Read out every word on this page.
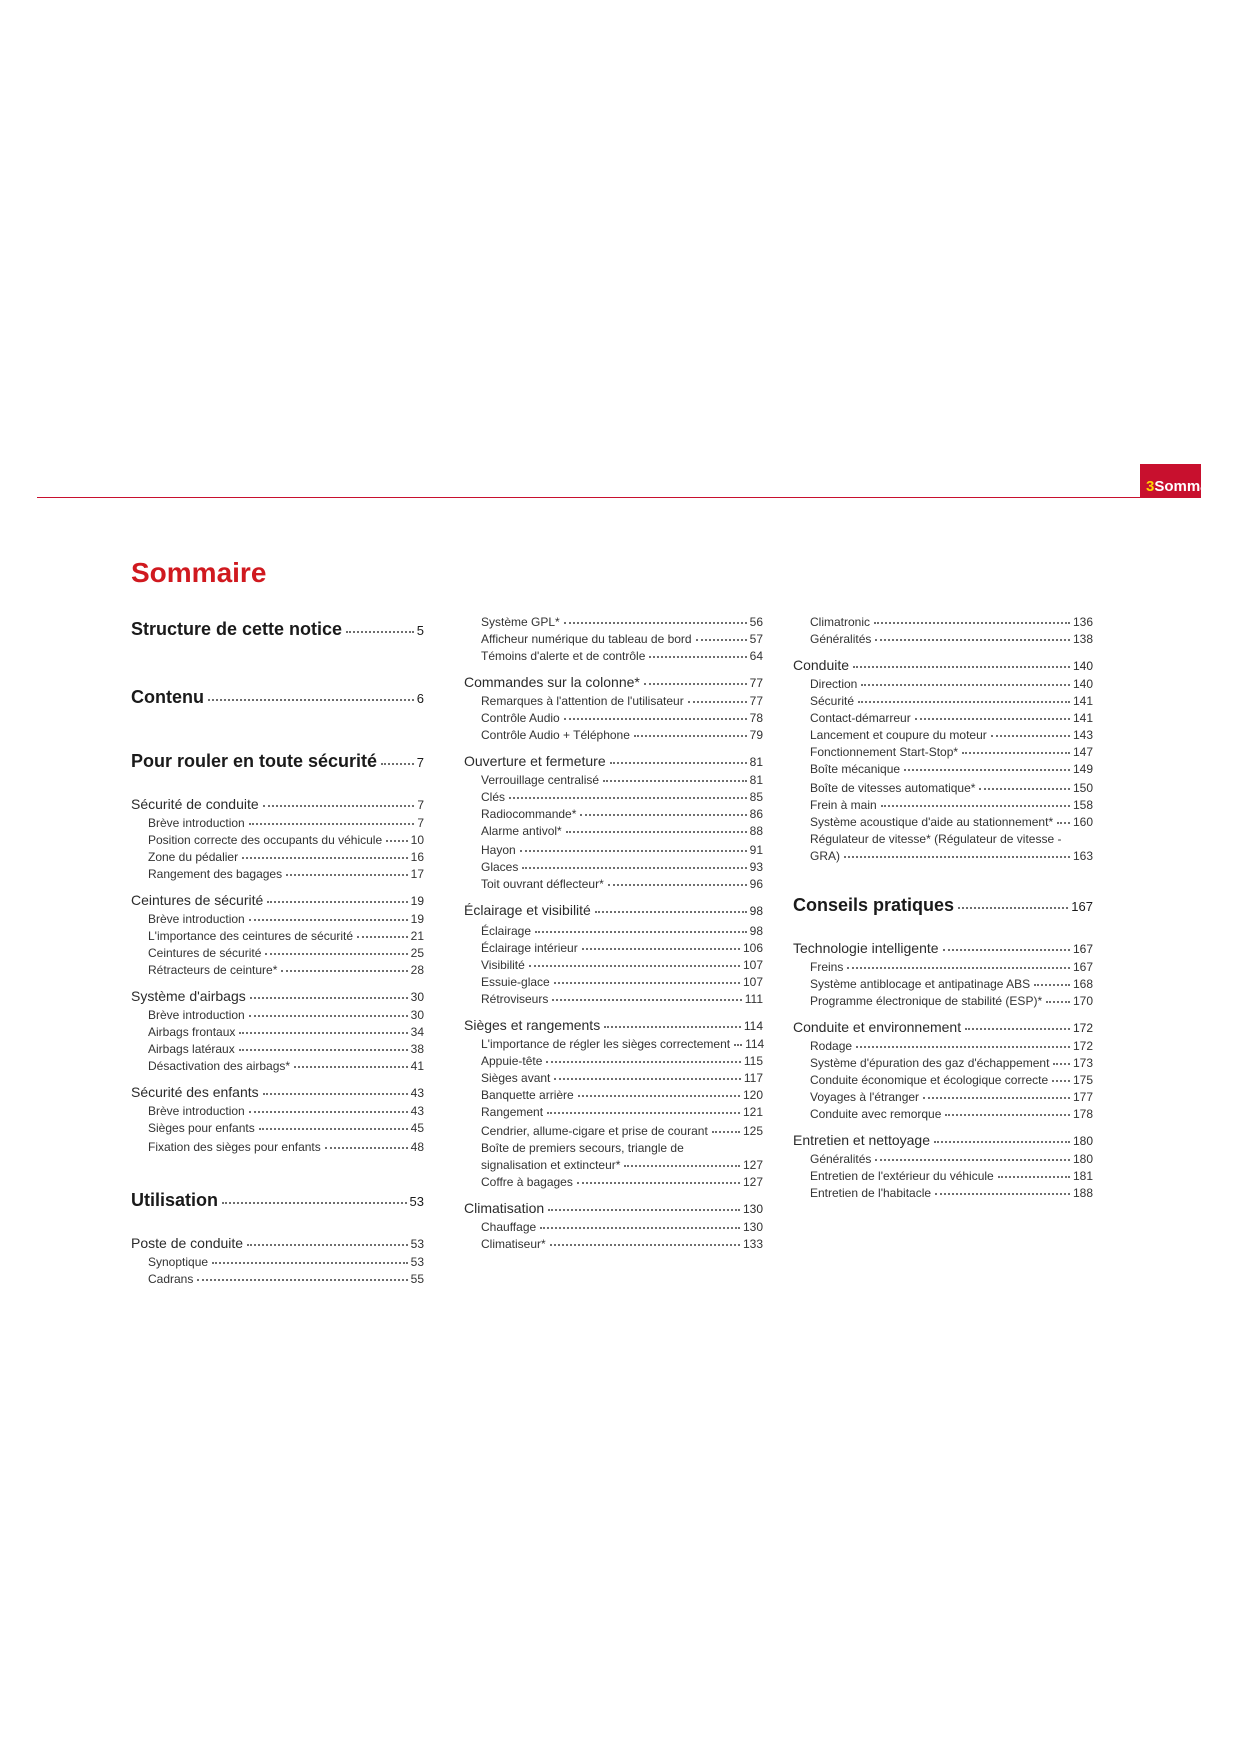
3Sommaire
Sommaire
Structure de cette notice	5
Contenu	6
Pour rouler en toute sécurité	7
Sécurité de conduite	7
Brève introduction	7
Position correcte des occupants du véhicule 10
Zone du pédalier	16
Rangement des bagages	17
Ceintures de sécurité	19
Brève introduction	19
L'importance des ceintures de sécurité	21
Ceintures de sécurité	25
Rétracteurs de ceinture*	28
Système d'airbags	30
Brève introduction	30
Airbags frontaux	34
Airbags latéraux	38
Désactivation des airbags*	41
Sécurité des enfants	43
Brève introduction	43
Sièges pour enfants	45
Fixation des sièges pour enfants	48
Utilisation	53
Poste de conduite	53
Synoptique	53
Cadrans	55
Système GPL*	56
Afficheur numérique du tableau de bord	57
Témoins d'alerte et de contrôle	64
Commandes sur la colonne*	77
Remarques à l'attention de l'utilisateur	77
Contrôle Audio	78
Contrôle Audio + Téléphone	79
Ouverture et fermeture	81
Verrouillage centralisé	81
Clés	85
Radiocommande*	86
Alarme antivol*	88
Hayon	91
Glaces	93
Toit ouvrant déflecteur*	96
Éclairage et visibilité	98
Éclairage	98
Éclairage intérieur	106
Visibilité	107
Essuie-glace	107
Rétroviseurs	111
Sièges et rangements	114
L'importance de régler les sièges correctement 114
Appuie-tête	115
Sièges avant	117
Banquette arrière	120
Rangement	121
Cendrier, allume-cigare et prise de courant	125
Boîte de premiers secours, triangle de
signalisation et extincteur*	127
Coffre à bagages	127
Climatisation	130
Chauffage	130
Climatiseur*	133
Climatronic	136
Généralités	138
Conduite	140
Direction	140
Sécurité	141
Contact-démarreur	141
Lancement et coupure du moteur	143
Fonctionnement Start-Stop*	147
Boîte mécanique	149
Boîte de vitesses automatique*	150
Frein à main	158
Système acoustique d'aide au stationnement* 160
Régulateur de vitesse* (Régulateur de vitesse -
GRA)	163
Conseils pratiques	167
Technologie intelligente	167
Freins	167
Système antiblocage et antipatinage ABS	168
Programme électronique de stabilité (ESP)*	170
Conduite et environnement	172
Rodage	172
Système d'épuration des gaz d'échappement 173
Conduite économique et écologique correcte 175
Voyages à l'étranger	177
Conduite avec remorque	178
Entretien et nettoyage	180
Généralités	180
Entretien de l'extérieur du véhicule	181
Entretien de l'habitacle	188
